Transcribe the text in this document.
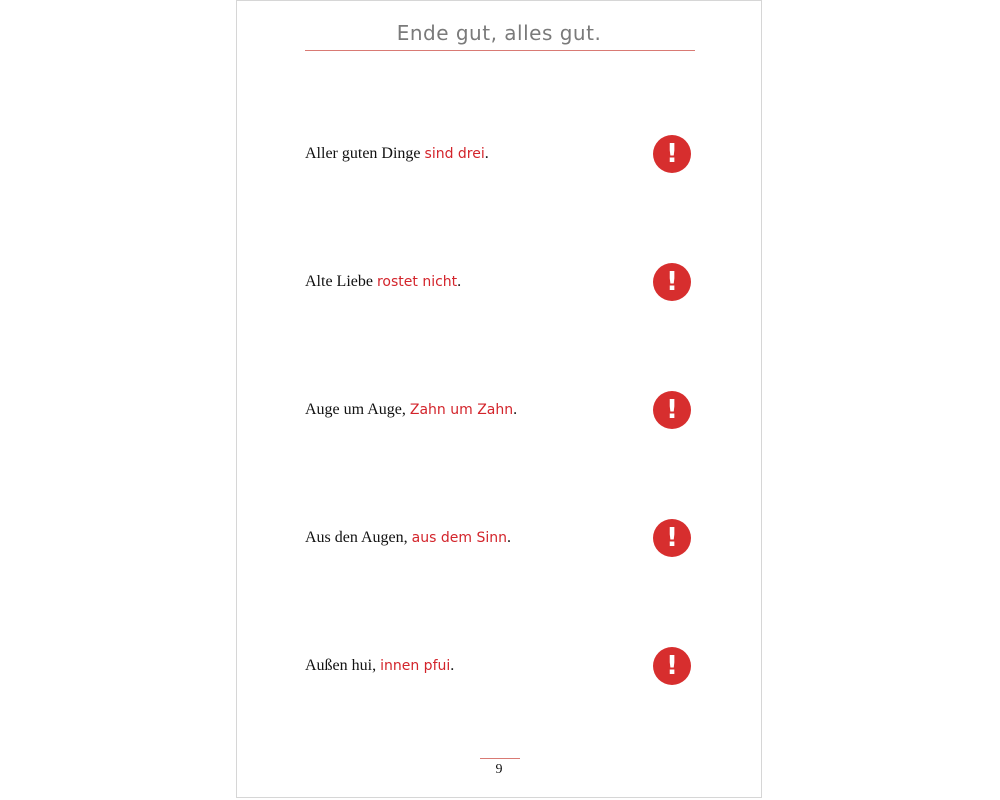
Ende gut, alles gut.
Aller guten Dinge sind drei.	!
Alte Liebe rostet nicht.	!
Auge um Auge, Zahn um Zahn.	!
Aus den Augen, aus dem Sinn.	!
Außen hui, innen pfui.	!
9
